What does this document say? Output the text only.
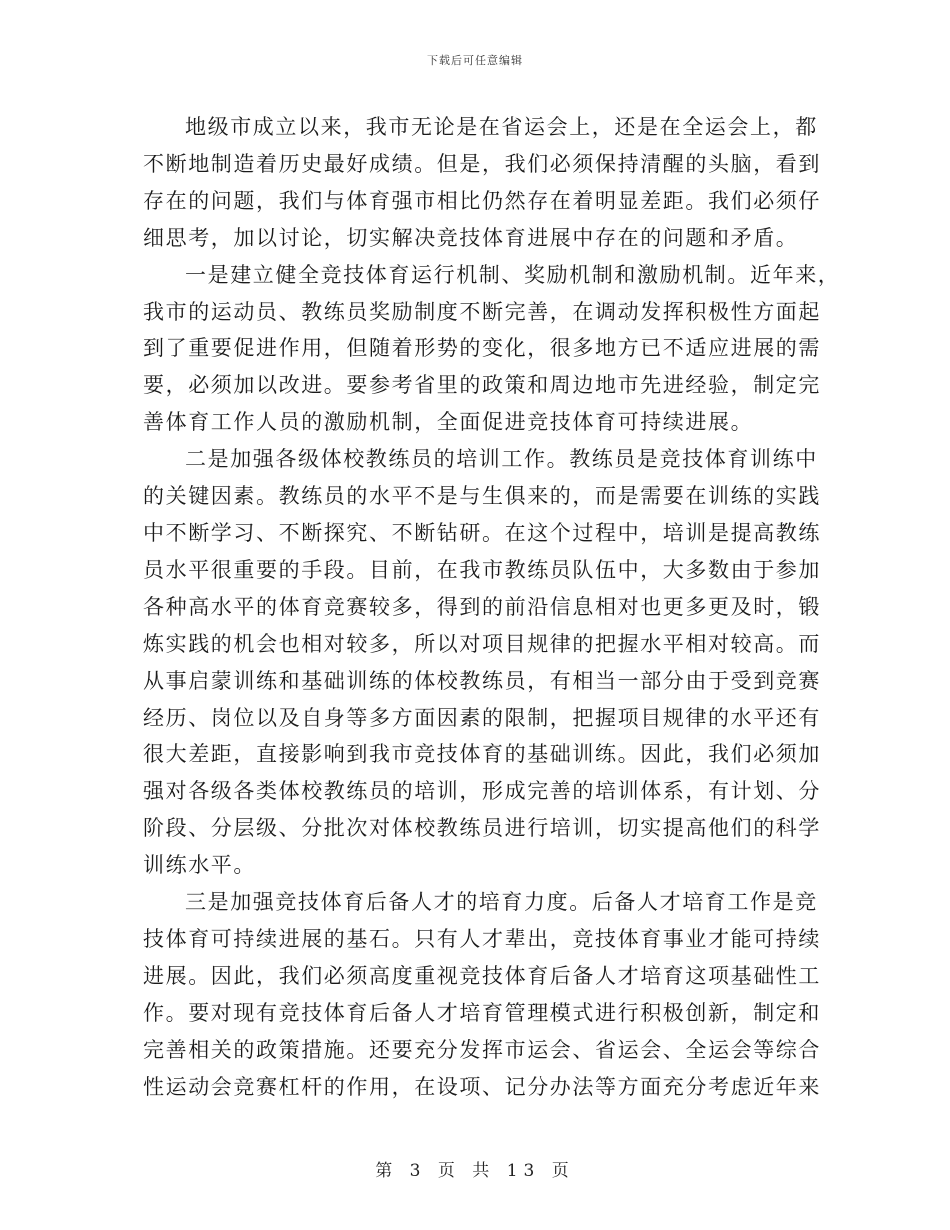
下载后可任意编辑

地级市成立以来，我市无论是在省运会上，还是在全运会上，都
不断地制造着历史最好成绩。但是，我们必须保持清醒的头脑，看到
存在的问题，我们与体育强市相比仍然存在着明显差距。我们必须仔
细思考，加以讨论，切实解决竞技体育进展中存在的问题和矛盾。

一是建立健全竞技体育运行机制、奖励机制和激励机制。近年来，
我市的运动员、教练员奖励制度不断完善，在调动发挥积极性方面起
到了重要促进作用，但随着形势的变化，很多地方已不适应进展的需
要，必须加以改进。要参考省里的政策和周边地市先进经验，制定完
善体育工作人员的激励机制，全面促进竞技体育可持续进展。

二是加强各级体校教练员的培训工作。教练员是竞技体育训练中
的关键因素。教练员的水平不是与生俱来的，而是需要在训练的实践
中不断学习、不断探究、不断钻研。在这个过程中，培训是提高教练
员水平很重要的手段。目前，在我市教练员队伍中，大多数由于参加
各种高水平的体育竞赛较多，得到的前沿信息相对也更多更及时，锻
炼实践的机会也相对较多，所以对项目规律的把握水平相对较高。而
从事启蒙训练和基础训练的体校教练员，有相当一部分由于受到竞赛
经历、岗位以及自身等多方面因素的限制，把握项目规律的水平还有
很大差距，直接影响到我市竞技体育的基础训练。因此，我们必须加
强对各级各类体校教练员的培训，形成完善的培训体系，有计划、分
阶段、分层级、分批次对体校教练员进行培训，切实提高他们的科学
训练水平。

三是加强竞技体育后备人才的培育力度。后备人才培育工作是竞
技体育可持续进展的基石。只有人才辈出，竞技体育事业才能可持续
进展。因此，我们必须高度重视竞技体育后备人才培育这项基础性工
作。要对现有竞技体育后备人才培育管理模式进行积极创新，制定和
完善相关的政策措施。还要充分发挥市运会、省运会、全运会等综合
性运动会竞赛杠杆的作用，在设项、记分办法等方面充分考虑近年来

第 3 页 共 13 页
